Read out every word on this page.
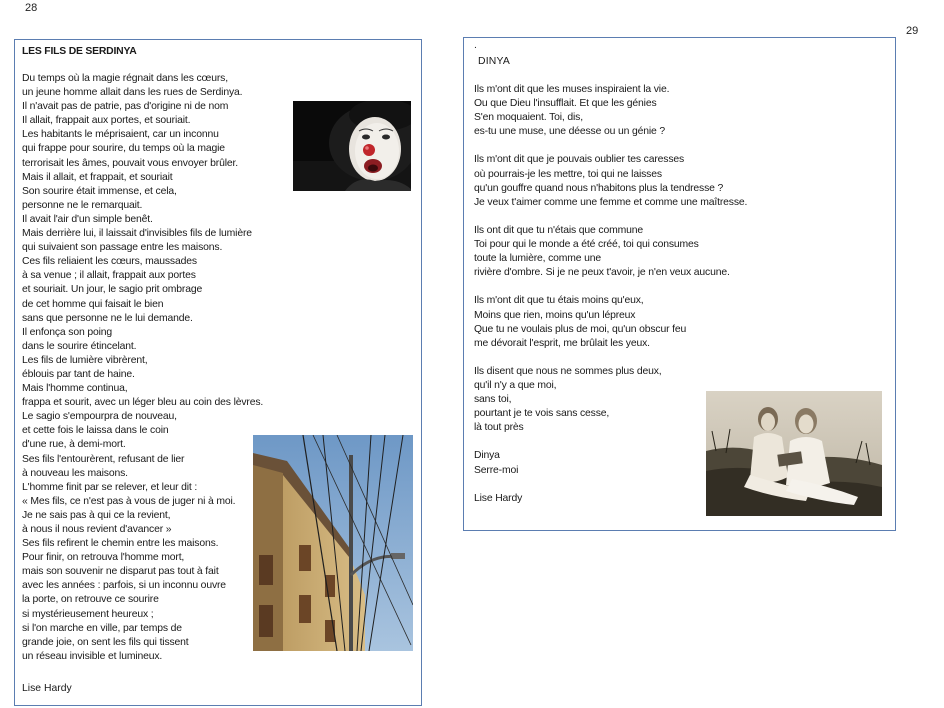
28
29
LES FILS DE SERDINYA
Du temps où la magie régnait dans les cœurs,
un jeune homme allait dans les rues de Serdinya.
Il n'avait pas de patrie, pas d'origine ni de nom
Il allait, frappait aux portes, et souriait.
Les habitants le méprisaient, car un inconnu
qui frappe pour sourire, du temps où la magie
terrorisait les âmes, pouvait vous envoyer brûler.
Mais il allait, et frappait, et souriait
Son sourire était immense, et cela,
personne ne le remarquait.
Il avait l'air d'un simple benêt.
Mais derrière lui, il laissait d'invisibles fils de lumière
qui suivaient son passage entre les maisons.
Ces fils reliaient les cœurs, maussades
à sa venue ; il allait, frappait aux portes
et souriait. Un jour, le sagio prit ombrage
de cet homme qui faisait le bien
sans que personne ne le lui demande.
Il enfonça son poing
dans le sourire étincelant.
Les fils de lumière vibrèrent,
éblouis par tant de haine.
Mais l'homme continua,
frappa et sourit, avec un léger bleu au coin des lèvres.
Le sagio s'empourpra de nouveau,
et cette fois le laissa dans le coin
d'une rue, à demi-mort.
Ses fils l'entourèrent, refusant de lier
à nouveau les maisons.
L'homme finit par se relever, et leur dit :
« Mes fils, ce n'est pas à vous de juger ni à moi.
Je ne sais pas à qui ce la revient,
à nous il nous revient d'avancer »
Ses fils refirent le chemin entre les maisons.
Pour finir, on retrouva l'homme mort,
mais son souvenir ne disparut pas tout à fait
avec les années : parfois, si un inconnu ouvre
la porte, on retrouve ce sourire
si mystérieusement heureux ;
si l'on marche en ville, par temps de
grande joie, on sent les fils qui tissent
un réseau invisible et lumineux.
Lise Hardy
.
DINYA
Ils m'ont dit que les muses inspiraient la vie.
Ou que Dieu l'insufflait. Et que les génies
S'en moquaient. Toi, dis,
es-tu une muse, une déesse ou un génie ?
Ils m'ont dit que je pouvais oublier tes caresses
où pourrais-je les mettre, toi qui ne laisses
qu'un gouffre quand nous n'habitons plus la tendresse ?
Je veux t'aimer comme une femme et comme une maîtresse.
Ils ont dit que tu n'étais que commune
Toi pour qui le monde a été créé, toi qui consumes
toute la lumière, comme une
rivière d'ombre. Si je ne peux t'avoir, je n'en veux aucune.
Ils m'ont dit que tu étais moins qu'eux,
Moins que rien, moins qu'un lépreux
Que tu ne voulais plus de moi, qu'un obscur feu
me dévorait l'esprit, me brûlait les yeux.
Ils disent que nous ne sommes plus deux,
qu'il n'y a que moi,
sans toi,
pourtant je te vois sans cesse,
là tout près
Dinya
Serre-moi
Lise Hardy
